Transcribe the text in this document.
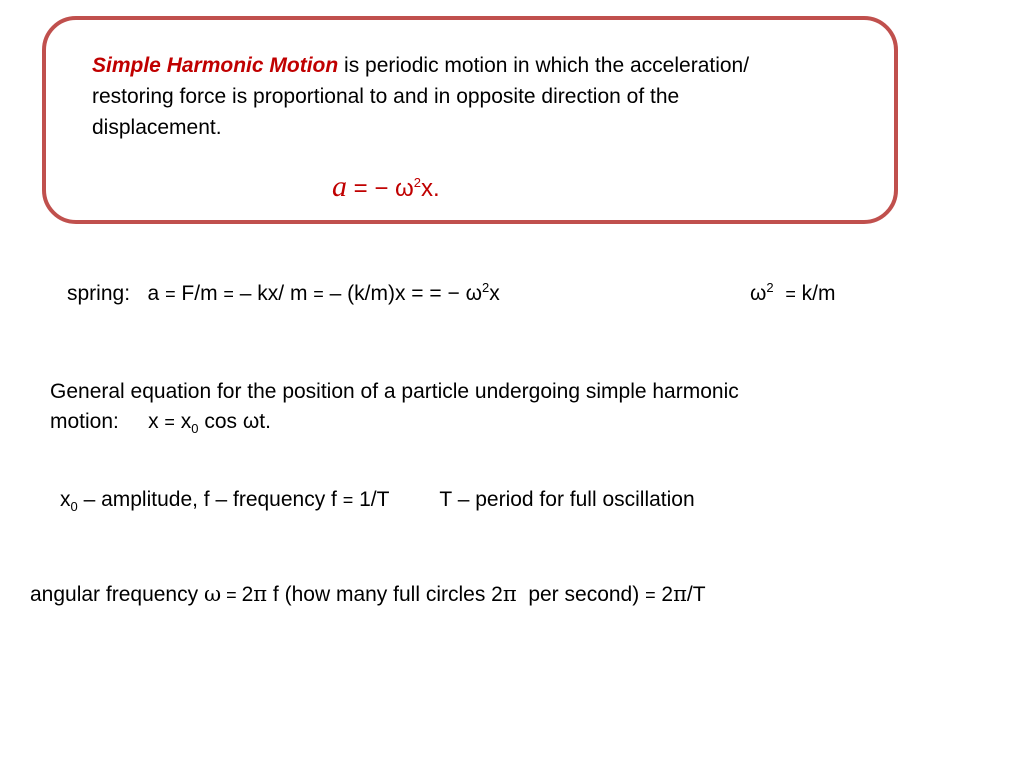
Simple Harmonic Motion is periodic motion in which the acceleration/ restoring force is proportional to and in opposite direction of the displacement.
a = − $\omega^2x$.
spring: a = F/m = – kx/ m = – (k/m)x = = − $\omega^2x$	$\omega^2 = k/m$
General equation for the position of a particle undergoing simple harmonic motion: $x = x_0$ cos ωt.
$x_0$ – amplitude, f – frequency f = 1/T T – period for full oscillation
angular frequency ω = 2π f (how many full circles 2π  per second) = 2π/T
